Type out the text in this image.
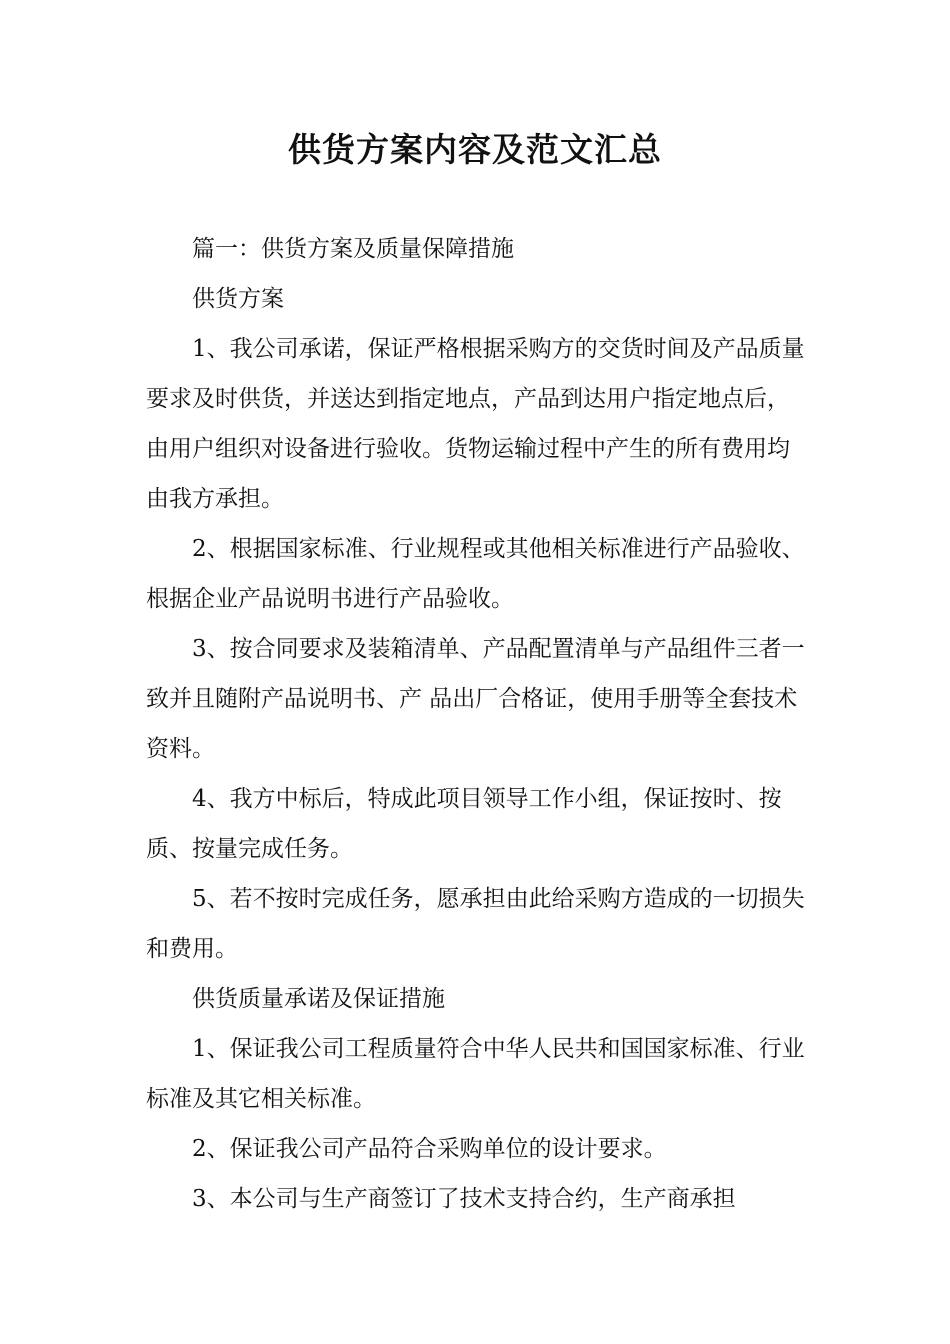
供货方案内容及范文汇总

篇一：供货方案及质量保障措施

供货方案

1、我公司承诺，保证严格根据采购方的交货时间及产品质量要求及时供货，并送达到指定地点，产品到达用户指定地点后，由用户组织对设备进行验收。货物运输过程中产生的所有费用均由我方承担。

2、根据国家标准、行业规程或其他相关标准进行产品验收、根据企业产品说明书进行产品验收。

3、按合同要求及装箱清单、产品配置清单与产品组件三者一致并且随附产品说明书、产 品出厂合格证，使用手册等全套技术资料。

4、我方中标后，特成此项目领导工作小组，保证按时、按质、按量完成任务。

5、若不按时完成任务，愿承担由此给采购方造成的一切损失和费用。

供货质量承诺及保证措施

1、保证我公司工程质量符合中华人民共和国国家标准、行业标准及其它相关标准。

2、保证我公司产品符合采购单位的设计要求。

3、本公司与生产商签订了技术支持合约，生产商承担
